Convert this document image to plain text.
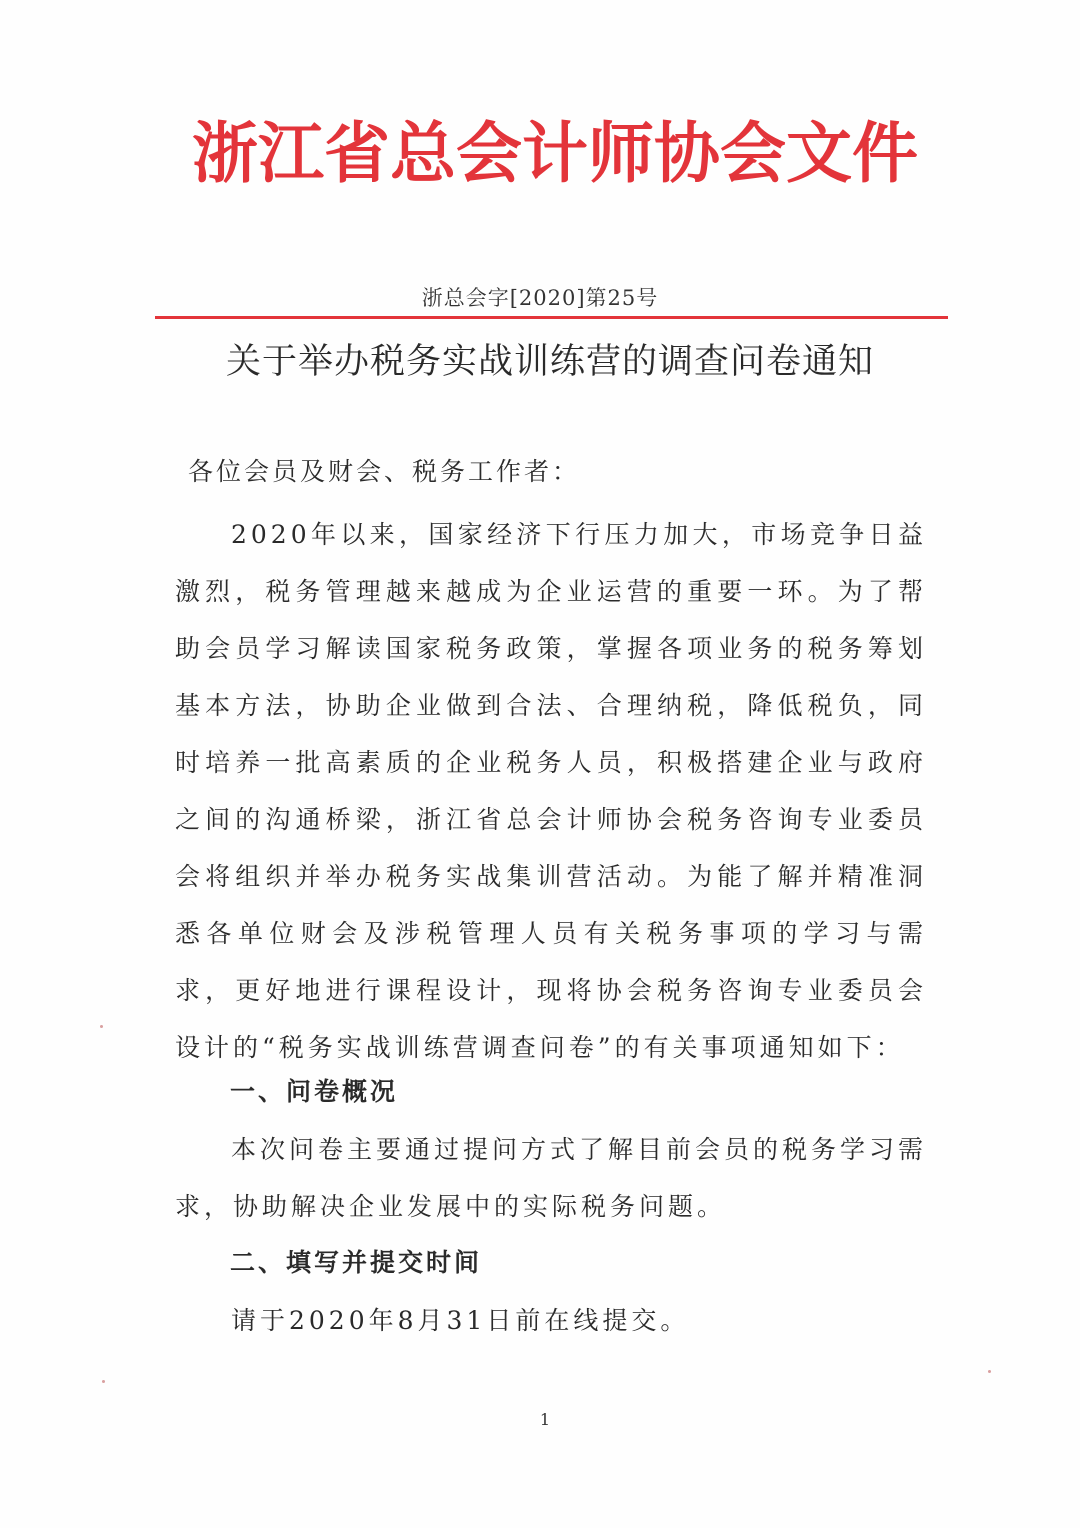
浙江省总会计师协会文件
浙总会字[2020]第25号
关于举办税务实战训练营的调查问卷通知
各位会员及财会、税务工作者：

2020年以来，国家经济下行压力加大，市场竞争日益激烈，税务管理越来越成为企业运营的重要一环。为了帮助会员学习解读国家税务政策，掌握各项业务的税务筹划基本方法，协助企业做到合法、合理纳税，降低税负，同时培养一批高素质的企业税务人员，积极搭建企业与政府之间的沟通桥梁，浙江省总会计师协会税务咨询专业委员会将组织并举办税务实战集训营活动。为能了解并精准洞悉各单位财会及涉税管理人员有关税务事项的学习与需求，更好地进行课程设计，现将协会税务咨询专业委员会设计的“税务实战训练营调查问卷”的有关事项通知如下：

一、问卷概况

本次问卷主要通过提问方式了解目前会员的税务学习需求，协助解决企业发展中的实际税务问题。

二、填写并提交时间

请于2020年8月31日前在线提交。

1
